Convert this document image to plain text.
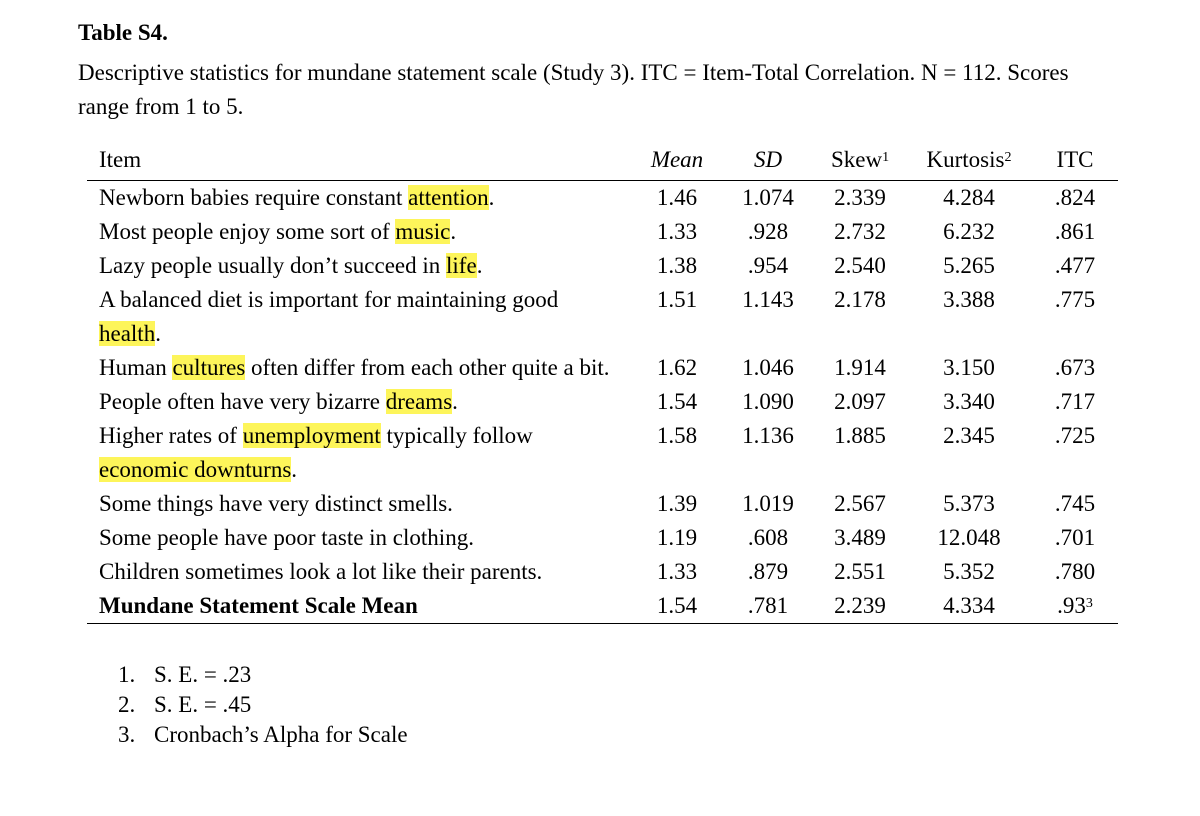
Table S4.
Descriptive statistics for mundane statement scale (Study 3). ITC = Item-Total Correlation. N = 112. Scores range from 1 to 5.
Item	Mean	SD	Skew$^1$	Kurtosis$^2$	ITC
Newborn babies require constant attention.	1.46	1.074	2.339	4.284	.824
Most people enjoy some sort of music.	1.33	.928	2.732	6.232	.861
Lazy people usually don’t succeed in life.	1.38	.954	2.540	5.265	.477
A balanced diet is important for maintaining good health.	1.51	1.143	2.178	3.388	.775
Human cultures often differ from each other quite a bit.	1.62	1.046	1.914	3.150	.673
People often have very bizarre dreams.	1.54	1.090	2.097	3.340	.717
Higher rates of unemployment typically follow economic downturns.	1.58	1.136	1.885	2.345	.725
Some things have very distinct smells.	1.39	1.019	2.567	5.373	.745
Some people have poor taste in clothing.	1.19	.608	3.489	12.048	.701
Children sometimes look a lot like their parents.	1.33	.879	2.551	5.352	.780
Mundane Statement Scale Mean	1.54	.781	2.239	4.334	$.93^3$
1. S. E. = .23
2. S. E. = .45
3. Cronbach’s Alpha for Scale
